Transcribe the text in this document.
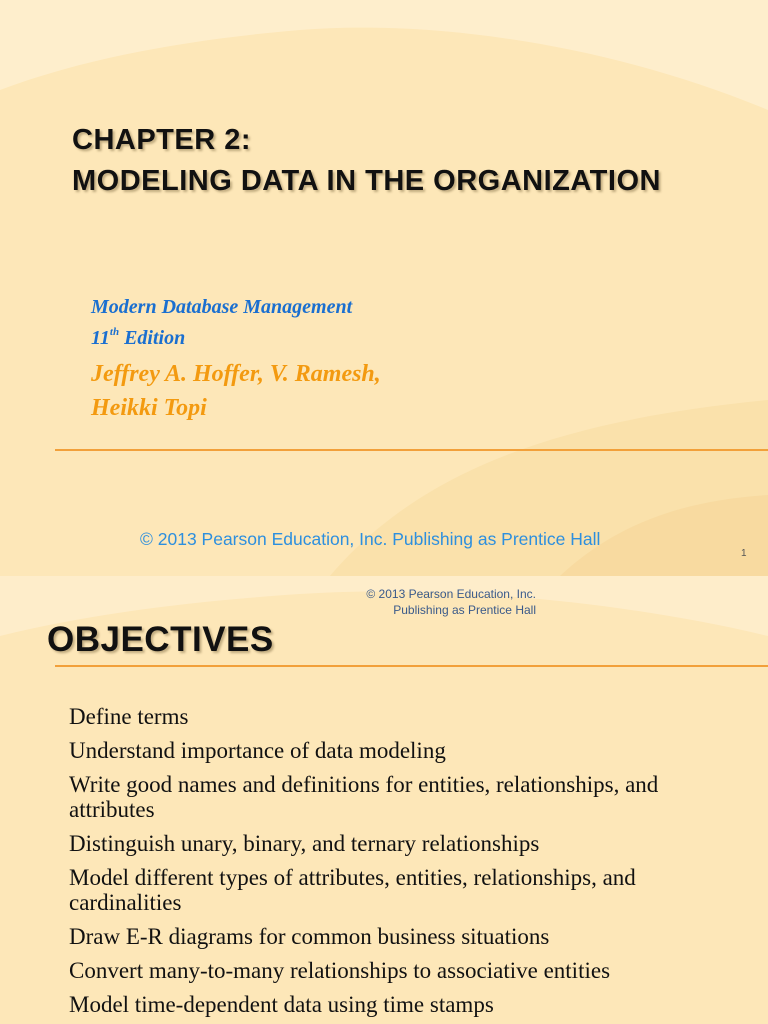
CHAPTER 2:
MODELING DATA IN THE ORGANIZATION
Modern Database Management
11th Edition
Jeffrey A. Hoffer, V. Ramesh,
Heikki Topi
© 2013 Pearson Education, Inc. Publishing as Prentice Hall
1
© 2013 Pearson Education, Inc.
Publishing as Prentice Hall
OBJECTIVES
Define terms
Understand importance of data modeling
Write good names and definitions for entities, relationships, and attributes
Distinguish unary, binary, and ternary relationships
Model different types of attributes, entities, relationships, and cardinalities
Draw E-R diagrams for common business situations
Convert many-to-many relationships to associative entities
Model time-dependent data using time stamps
